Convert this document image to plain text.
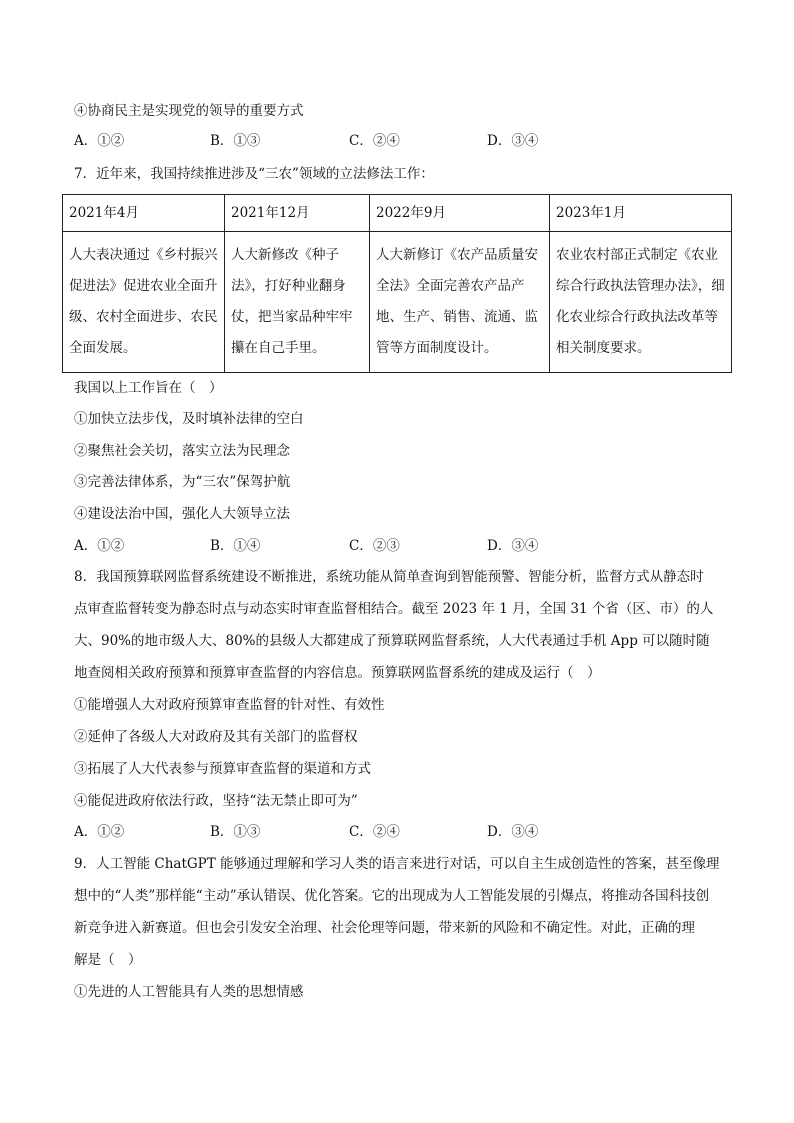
④协商民主是实现党的领导的重要方式
A．①②	B．①③	C．②④	D．③④
7．近年来，我国持续推进涉及“三农”领域的立法修法工作：
2021年4月	2021年12月	2022年9月	2023年1月

人大表决通过《乡村振兴促进法》促进农业全面升级、农村全面进步、农民全面发展。	人大新修改《种子法》，打好种业翻身仗，把当家品种牢牢攥在自己手里。	人大新修订《农产品质量安全法》全面完善农产品产地、生产、销售、流通、监管等方面制度设计。	农业农村部正式制定《农业综合行政执法管理办法》，细化农业综合行政执法改革等相关制度要求。
我国以上工作旨在（　）
①加快立法步伐，及时填补法律的空白
②聚焦社会关切，落实立法为民理念
③完善法律体系，为“三农”保驾护航
④建设法治中国，强化人大领导立法
A．①②	B．①④	C．②③	D．③④
8．我国预算联网监督系统建设不断推进，系统功能从简单查询到智能预警、智能分析，监督方式从静态时
点审查监督转变为静态时点与动态实时审查监督相结合。截至 2023 年 1 月，全国 31 个省（区、市）的人
大、90%的地市级人大、80%的县级人大都建成了预算联网监督系统，人大代表通过手机 App 可以随时随
地查阅相关政府预算和预算审查监督的内容信息。预算联网监督系统的建成及运行（　）
①能增强人大对政府预算审查监督的针对性、有效性
②延伸了各级人大对政府及其有关部门的监督权
③拓展了人大代表参与预算审查监督的渠道和方式
④能促进政府依法行政，坚持“法无禁止即可为”
A．①②	B．①③	C．②④	D．③④
9．人工智能 ChatGPT 能够通过理解和学习人类的语言来进行对话，可以自主生成创造性的答案，甚至像理
想中的“人类”那样能“主动”承认错误、优化答案。它的出现成为人工智能发展的引爆点，将推动各国科技创
新竞争进入新赛道。但也会引发安全治理、社会伦理等问题，带来新的风险和不确定性。对此，正确的理
解是（　）
①先进的人工智能具有人类的思想情感
